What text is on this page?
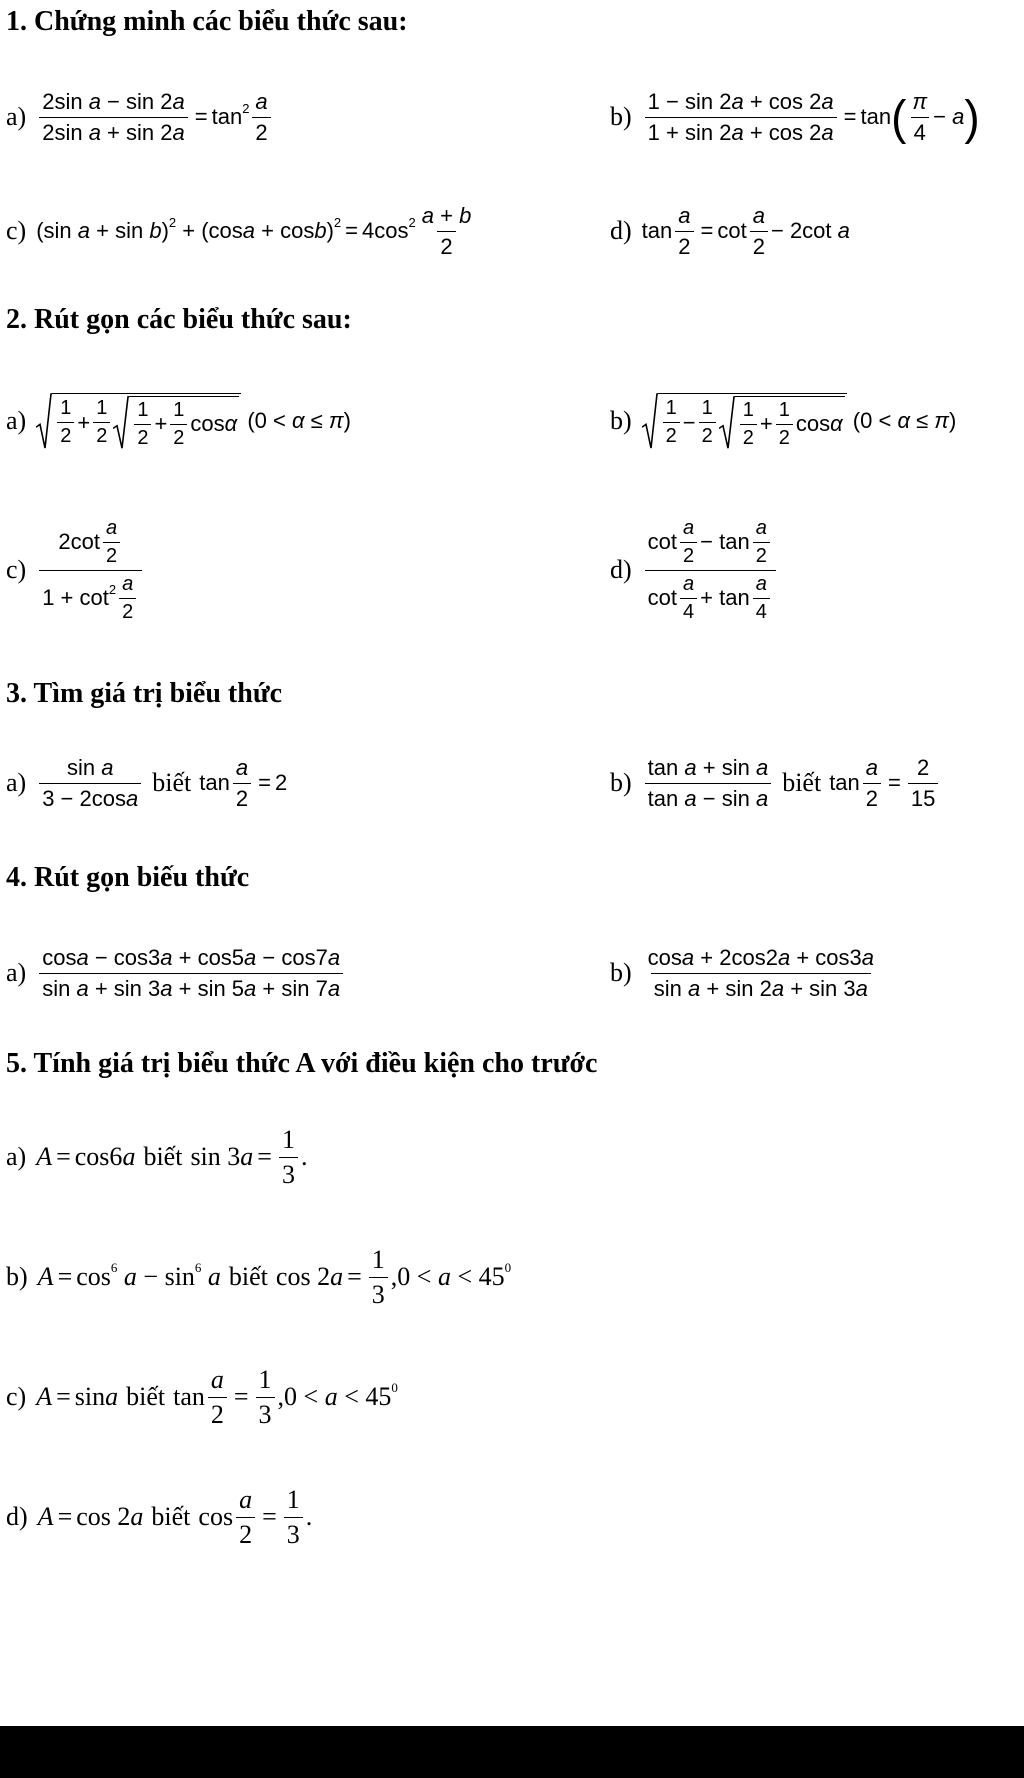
1. Chứng minh các biểu thức sau:
$a) \frac{\text{2sin a − sin 2 a}}{\text{2sin a + sin 2 a}} = \tan^2 \frac{a}{2}$	$b) \frac{1 - \sin 2 a + \cos 2 a}{1 + \sin 2 a + \cos 2 a} = \tan$ ( $\frac{\pi}{4} - a$ )
c) (sin a + sin b )$^2$ + (cos a + cos b )$^2 = 4\cos^2 \frac{a + b}{2}$	d) $\tan \frac{a}{2} = \cot \frac{a}{2} - 2\cot$ a
2. Rút gọn các biểu thức sau:
$a) \frac{1}{2} + \frac{1}{2} \frac{1}{2} + \frac{1}{2}$ cos α (0 < α ≤ π )	$b) \frac{1}{2} - \frac{1}{2} \frac{1}{2} + \frac{1}{2}$ cos α (0 < α ≤ π )
$c) \frac{2\cot \frac{a}{2}}{1 + \cot^2 \frac{a}{2}}$	$d) \frac{\cot \frac{a}{2} - \tan \frac{a}{2}}{\cot \frac{a}{4} + \tan \frac{a}{4}}$
3. Tìm giá trị biểu thức
$a) \frac{\text{sin a}}{\text{3 − 2cos a}}$ biết $\tan \frac{a}{2} = 2$	$b) \frac{\text{tan a + sin a}}{\text{tan a − sin a}}$ biết $\tan \frac{a}{2} = \frac{2}{15}$
4. Rút gọn biếu thức
$a) \frac{\text{cos a − cos3 a + cos5 a − cos7 a}}{\text{sin a + sin 3 a + sin 5 a + sin 7 a}}$	$b) \frac{\text{cos a + 2cos2 a + cos3 a}}{\text{sin a + sin 2 a + sin 3 a}}$
5. Tính giá trị biểu thức A với điều kiện cho trước
a) A = cos6 a biết sin 3 $a = \frac{1}{3}$ .
b) $A = \cos^6$
$a - \sin^6$
a biết cos 2 $a = \frac{1}{3} ,0 < a < 45^0$
c) A = sin a biết $\tan \frac{a}{2} = \frac{1}{3} ,0 < a < 45^0$
d) A = cos 2 a biết $\cos \frac{a}{2} = \frac{1}{3}$ .
